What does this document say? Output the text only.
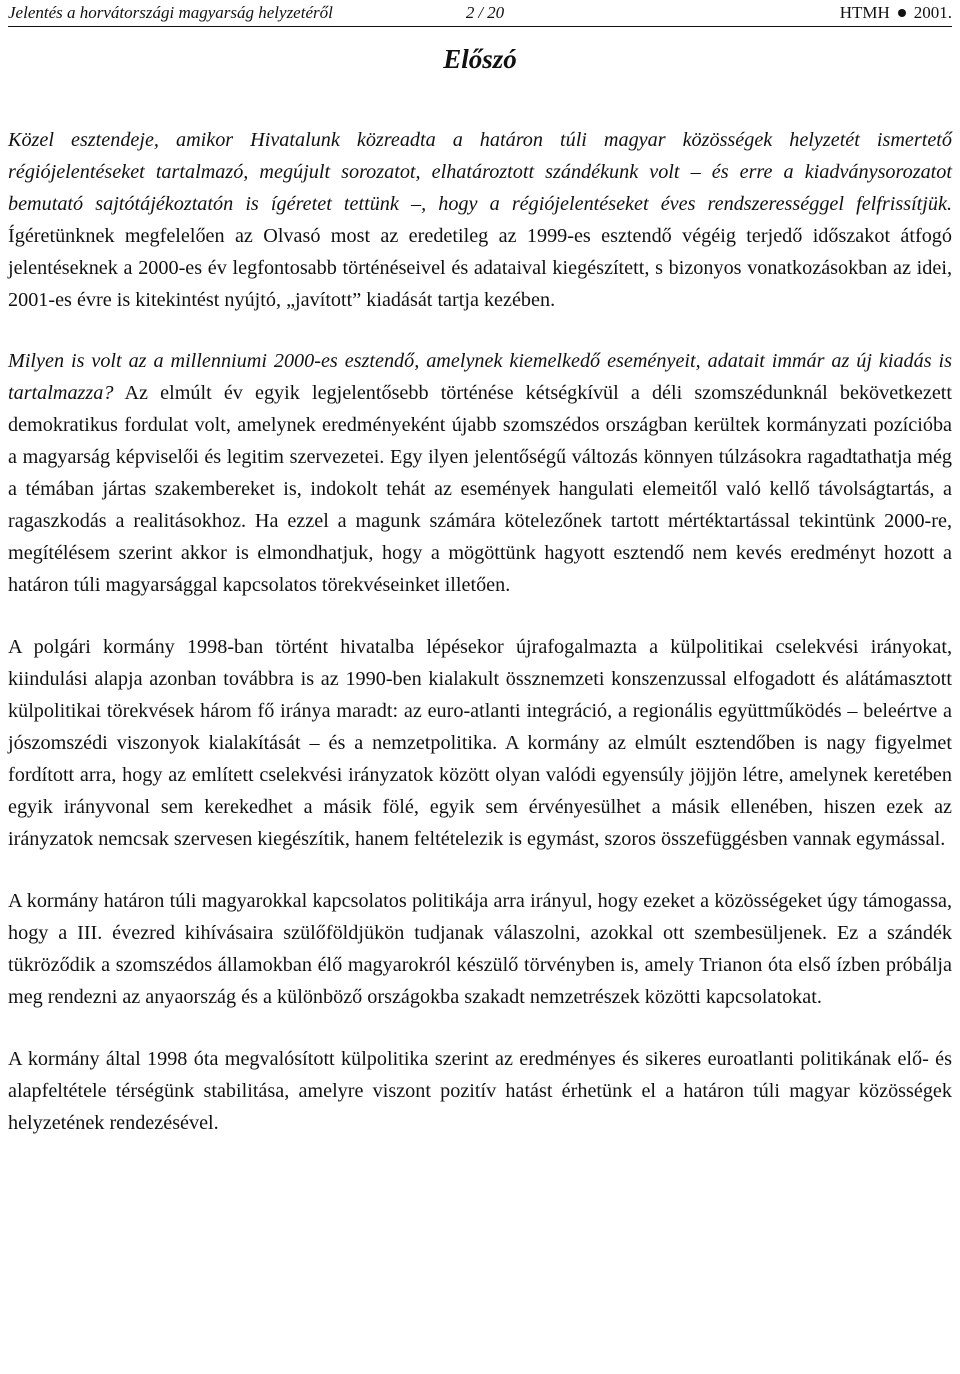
Jelentés a horvátországi magyarság helyzetéről	2 / 20	HTMH 2001.
Előszó

Közel esztendeje, amikor Hivatalunk közreadta a határon túli magyar közösségek helyzetét ismertető régiójelentéseket tartalmazó, megújult sorozatot, elhatároztott szándékunk volt – és erre a kiadványsorozatot bemutató sajtótájékoztatón is ígéretet tettünk –, hogy a régiójelentéseket éves rendszerességgel felfrissítjük. Ígéretünknek megfelelően az Olvasó most az eredetileg az 1999-es esztendő végéig terjedő időszakot átfogó jelentéseknek a 2000-es év legfontosabb történéseivel és adataival kiegészített, s bizonyos vonatkozásokban az idei, 2001-es évre is kitekintést nyújtó, „javított” kiadását tartja kezében.

Milyen is volt az a millenniumi 2000-es esztendő, amelynek kiemelkedő eseményeit, adatait immár az új kiadás is tartalmazza? Az elmúlt év egyik legjelentősebb történése kétségkívül a déli szomszédunknál bekövetkezett demokratikus fordulat volt, amelynek eredményeként újabb szomszédos országban kerültek kormányzati pozícióba a magyarság képviselői és legitim szervezetei. Egy ilyen jelentőségű változás könnyen túlzásokra ragadtathatja még a témában jártas szakembereket is, indokolt tehát az események hangulati elemeitől való kellő távolságtartás, a ragaszkodás a realitásokhoz. Ha ezzel a magunk számára kötelezőnek tartott mértéktartással tekintünk 2000-re, megítélésem szerint akkor is elmondhatjuk, hogy a mögöttünk hagyott esztendő nem kevés eredményt hozott a határon túli magyarsággal kapcsolatos törekvéseinket illetően.

A polgári kormány 1998-ban történt hivatalba lépésekor újrafogalmazta a külpolitikai cselekvési irányokat, kiindulási alapja azonban továbbra is az 1990-ben kialakult össznemzeti konszenzussal elfogadott és alátámasztott külpolitikai törekvések három fő iránya maradt: az euro-atlanti integráció, a regionális együttműködés – beleértve a jószomszédi viszonyok kialakítását – és a nemzetpolitika. A kormány az elmúlt esztendőben is nagy figyelmet fordított arra, hogy az említett cselekvési irányzatok között olyan valódi egyensúly jöjjön létre, amelynek keretében egyik irányvonal sem kerekedhet a másik fölé, egyik sem érvényesülhet a másik ellenében, hiszen ezek az irányzatok nemcsak szervesen kiegészítik, hanem feltételezik is egymást, szoros összefüggésben vannak egymással.

A kormány határon túli magyarokkal kapcsolatos politikája arra irányul, hogy ezeket a közösségeket úgy támogassa, hogy a III. évezred kihívásaira szülőföldjükön tudjanak válaszolni, azokkal ott szembesüljenek. Ez a szándék tükröződik a szomszédos államokban élő magyarokról készülő törvényben is, amely Trianon óta első ízben próbálja meg rendezni az anyaország és a különböző országokba szakadt nemzetrészek közötti kapcsolatokat.

A kormány által 1998 óta megvalósított külpolitika szerint az eredményes és sikeres euroatlanti politikának elő- és alapfeltétele térségünk stabilitása, amelyre viszont pozitív hatást érhetünk el a határon túli magyar közösségek helyzetének rendezésével.
